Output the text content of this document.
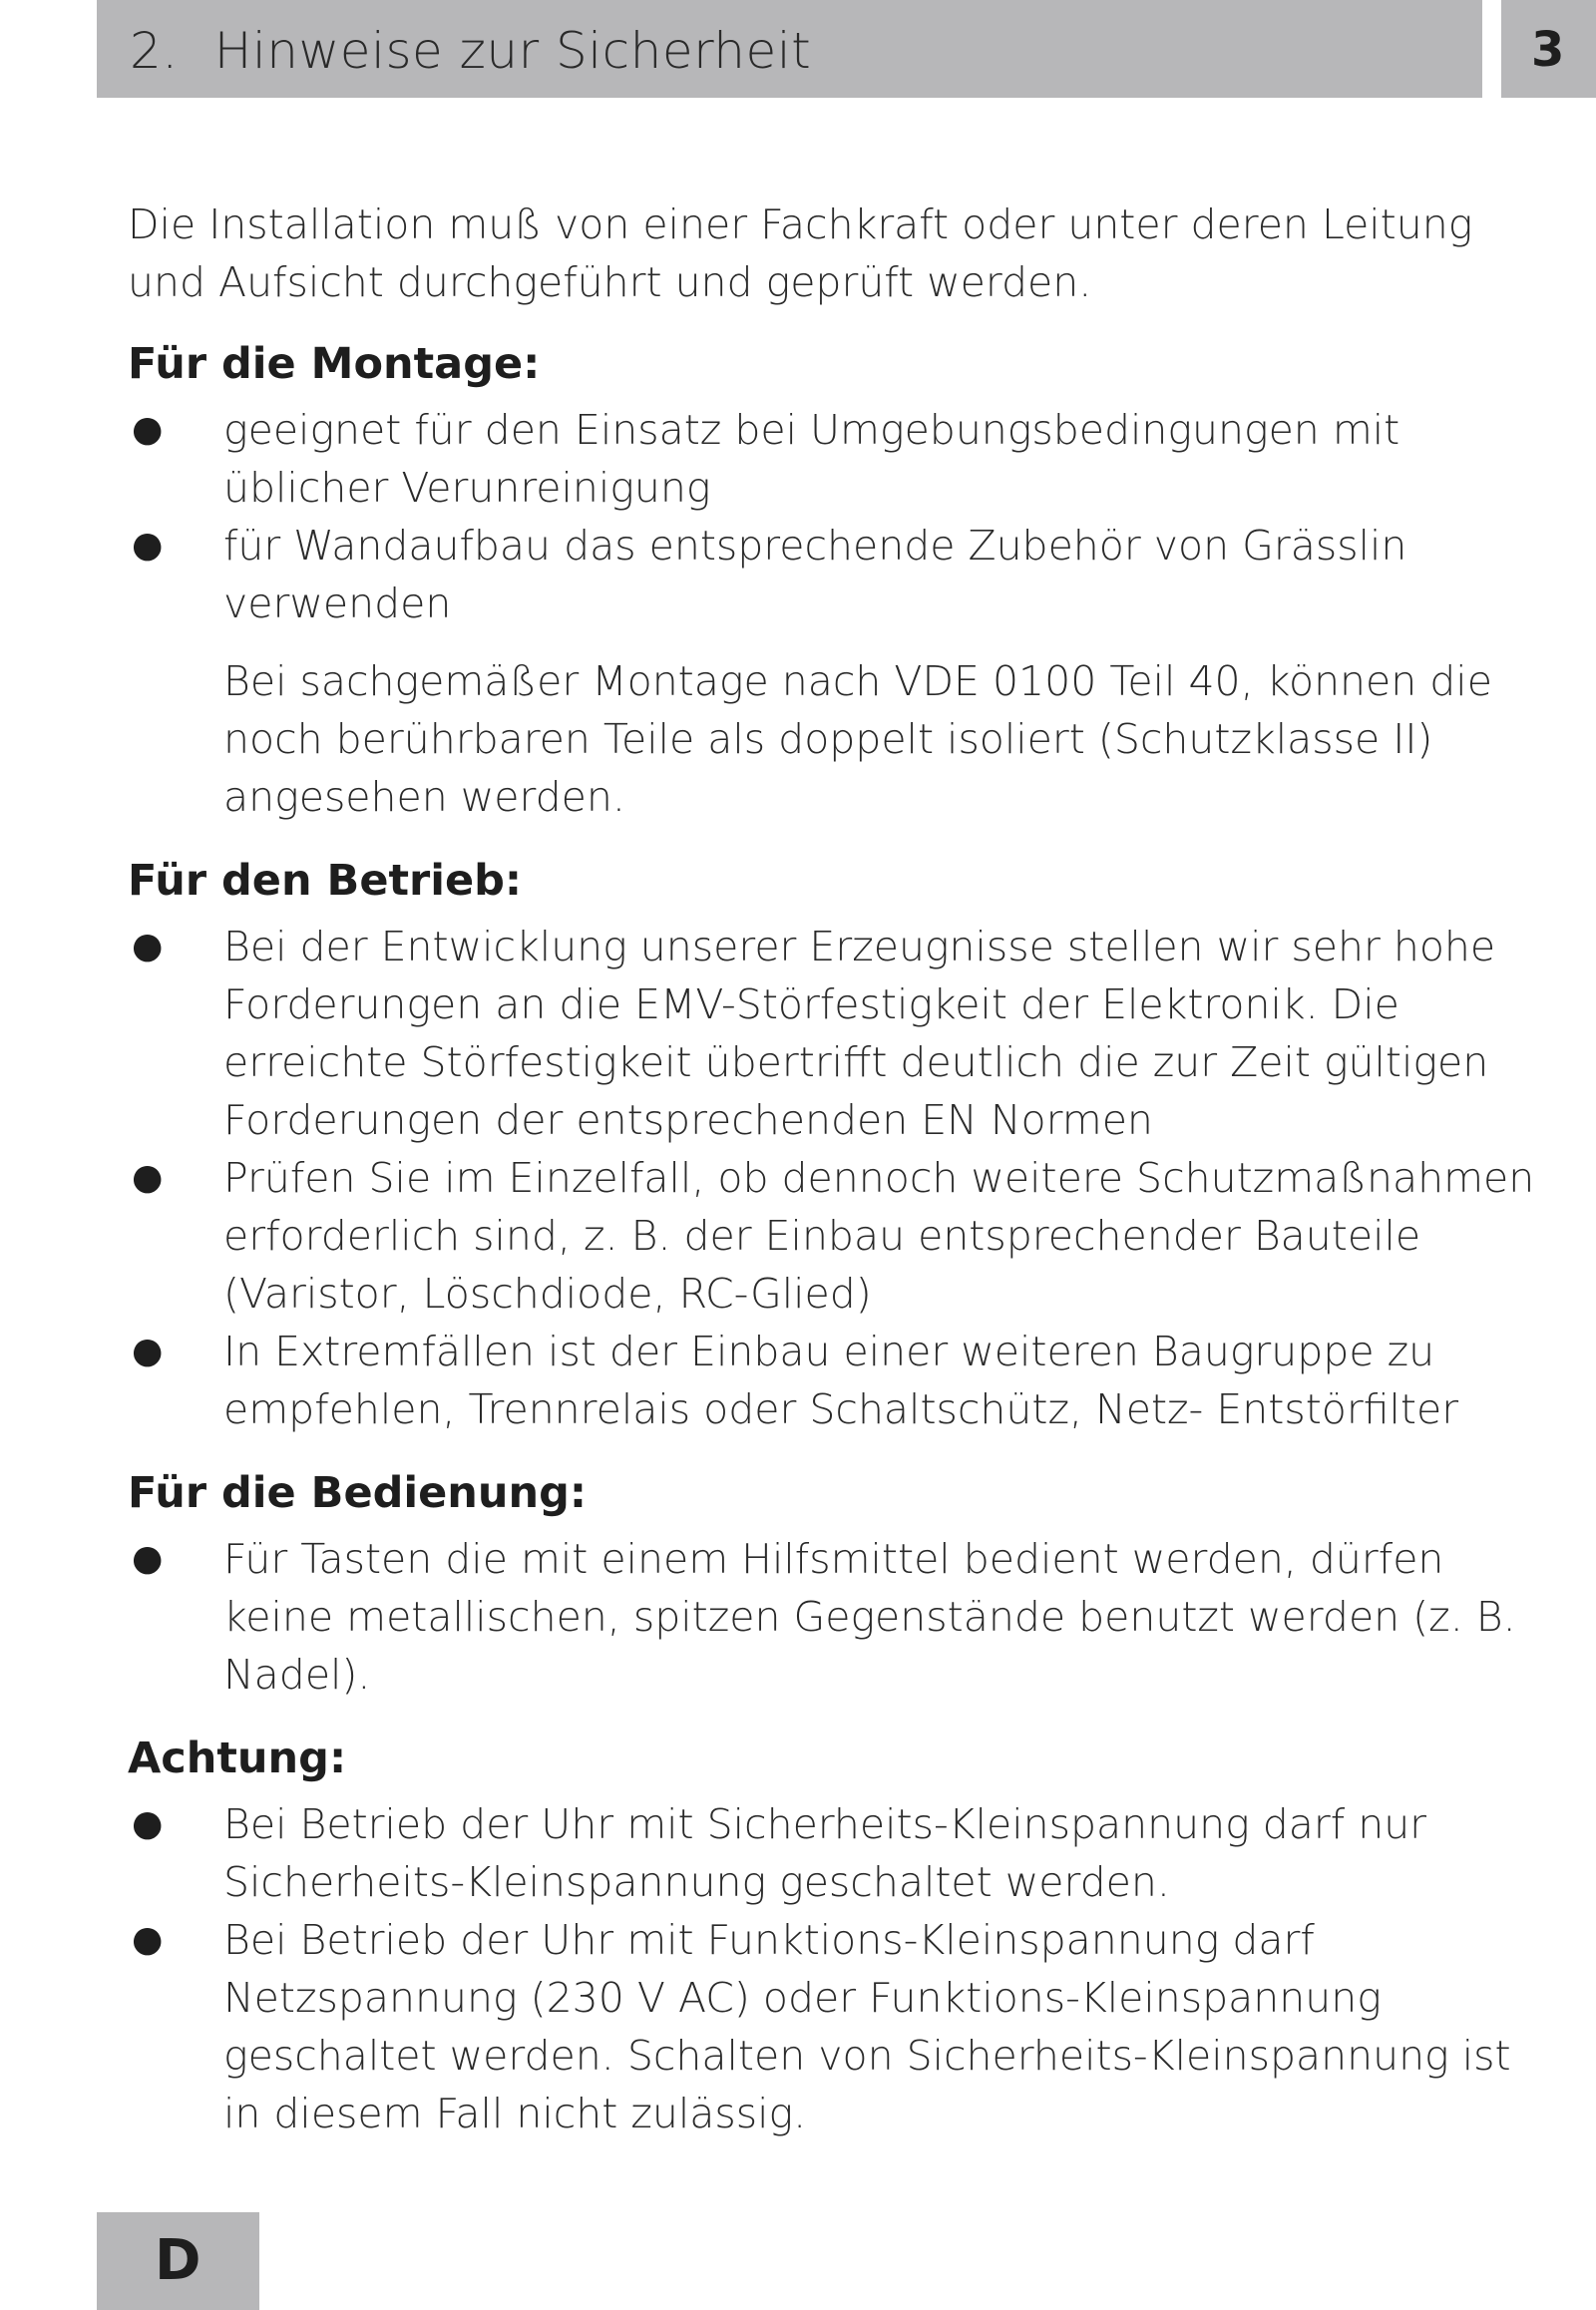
2. Hinweise zur Sicherheit	3

Die Installation muß von einer Fachkraft oder unter deren Leitung und Aufsicht durchgeführt und geprüft werden.

Für die Montage:
● geeignet für den Einsatz bei Umgebungsbedingungen mit üblicher Verunreinigung
● für Wandaufbau das entsprechende Zubehör von Grässlin verwenden

Bei sachgemäßer Montage nach VDE 0100 Teil 40, können die noch berührbaren Teile als doppelt isoliert (Schutzklasse II) angesehen werden.

Für den Betrieb:
● Bei der Entwicklung unserer Erzeugnisse stellen wir sehr hohe Forderungen an die EMV-Störfestigkeit der Elektronik. Die erreichte Störfestigkeit übertrifft deutlich die zur Zeit gültigen Forderungen der entsprechenden EN Normen
● Prüfen Sie im Einzelfall, ob dennoch weitere Schutzmaßnahmen erforderlich sind, z. B. der Einbau entsprechender Bauteile (Varistor, Löschdiode, RC-Glied)
● In Extremfällen ist der Einbau einer weiteren Baugruppe zu empfehlen, Trennrelais oder Schaltschütz, Netz- Entstörfilter
Für die Bedienung:
● Für Tasten die mit einem Hilfsmittel bedient werden, dürfen keine metallischen, spitzen Gegenstände benutzt werden (z. B. Nadel).
Achtung:
● Bei Betrieb der Uhr mit Sicherheits-Kleinspannung darf nur Sicherheits-Kleinspannung geschaltet werden.
● Bei Betrieb der Uhr mit Funktions-Kleinspannung darf Netzspannung (230 V AC) oder Funktions-Kleinspannung geschaltet werden. Schalten von Sicherheits-Kleinspannung ist in diesem Fall nicht zulässig.
D
